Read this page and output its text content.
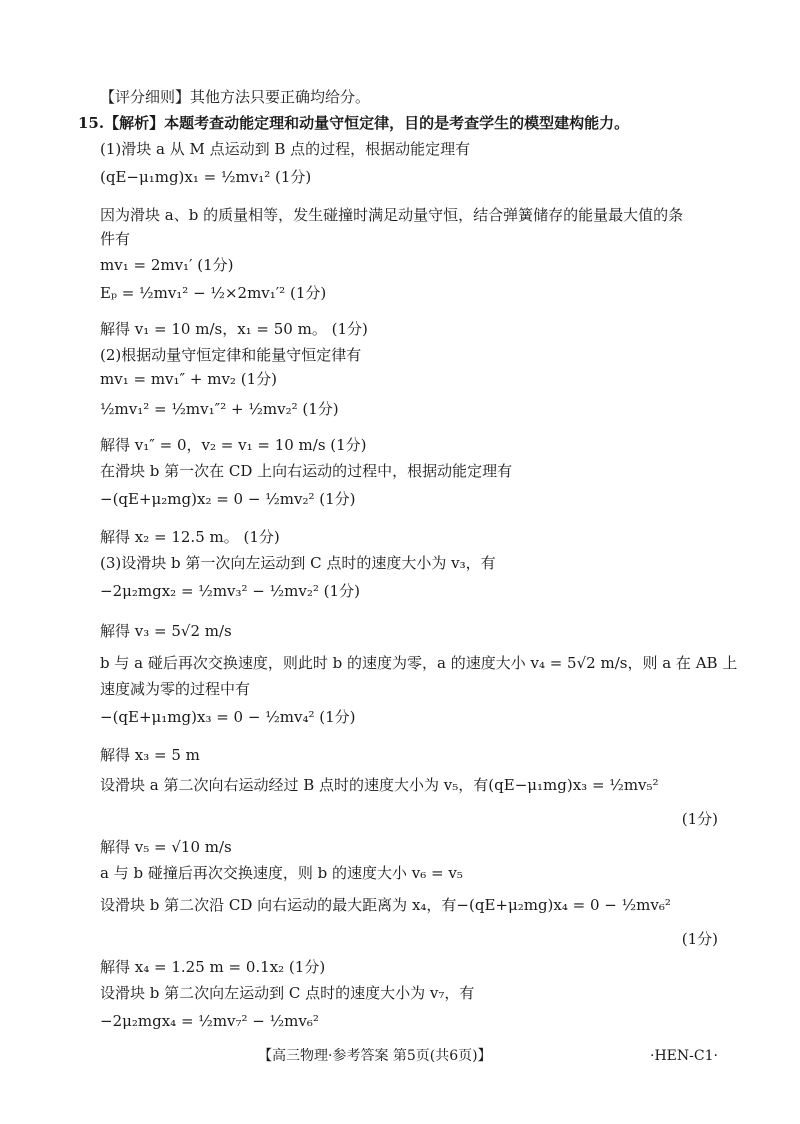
【评分细则】其他方法只要正确均给分。
15.【解析】本题考查动能定理和动量守恒定律，目的是考查学生的模型建构能力。
(1)滑块 a 从 M 点运动到 B 点的过程，根据动能定理有
(qE−μ₁mg)x₁ = ½mv₁² (1分)
因为滑块 a、b 的质量相等，发生碰撞时满足动量守恒，结合弹簧储存的能量最大值的条
件有
mv₁ = 2mv₁′ (1分)
Eₚ = ½mv₁² − ½×2mv₁′² (1分)
解得 v₁ = 10 m/s，x₁ = 50 m。 (1分)
(2)根据动量守恒定律和能量守恒定律有
mv₁ = mv₁″ + mv₂ (1分)
½mv₁² = ½mv₁″² + ½mv₂² (1分)
解得 v₁″ = 0，v₂ = v₁ = 10 m/s (1分)
在滑块 b 第一次在 CD 上向右运动的过程中，根据动能定理有
−(qE+μ₂mg)x₂ = 0 − ½mv₂² (1分)
解得 x₂ = 12.5 m。 (1分)
(3)设滑块 b 第一次向左运动到 C 点时的速度大小为 v₃，有
−2μ₂mgx₂ = ½mv₃² − ½mv₂² (1分)
解得 v₃ = 5√2 m/s
b 与 a 碰后再次交换速度，则此时 b 的速度为零，a 的速度大小 v₄ = 5√2 m/s，则 a 在 AB 上
速度减为零的过程中有
−(qE+μ₁mg)x₃ = 0 − ½mv₄² (1分)
解得 x₃ = 5 m
设滑块 a 第二次向右运动经过 B 点时的速度大小为 v₅，有(qE−μ₁mg)x₃ = ½mv₅²
(1分)
解得 v₅ = √10 m/s
a 与 b 碰撞后再次交换速度，则 b 的速度大小 v₆ = v₅
设滑块 b 第二次沿 CD 向右运动的最大距离为 x₄，有−(qE+μ₂mg)x₄ = 0 − ½mv₆²
(1分)
解得 x₄ = 1.25 m = 0.1x₂ (1分)
设滑块 b 第二次向左运动到 C 点时的速度大小为 v₇，有
−2μ₂mgx₄ = ½mv₇² − ½mv₆²
【高三物理·参考答案 第5页(共6页)】	·HEN-C1·
